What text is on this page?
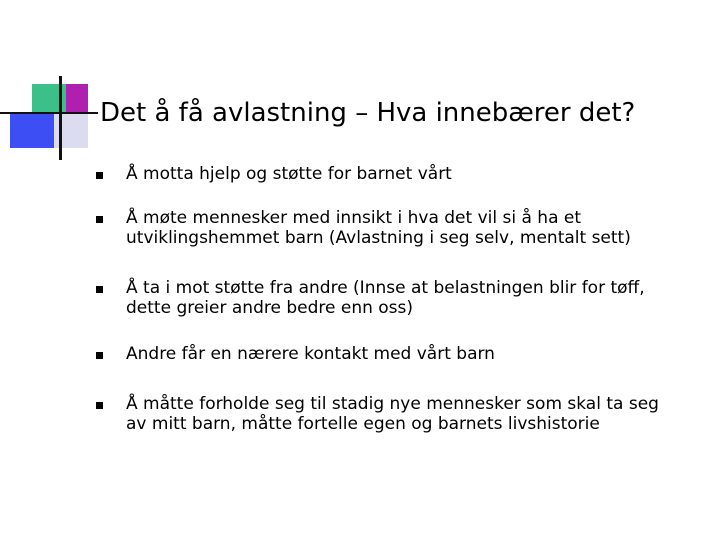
Det å få avlastning – Hva innebærer det?
Å motta hjelp og støtte for barnet vårt
Å møte mennesker med innsikt i hva det vil si å ha et
utviklingshemmet barn (Avlastning i seg selv, mentalt sett)
Å ta i mot støtte fra andre (Innse at belastningen blir for tøff,
dette greier andre bedre enn oss)
Andre får en nærere kontakt med vårt barn
Å måtte forholde seg til stadig nye mennesker som skal ta seg
av mitt barn, måtte fortelle egen og barnets livshistorie
